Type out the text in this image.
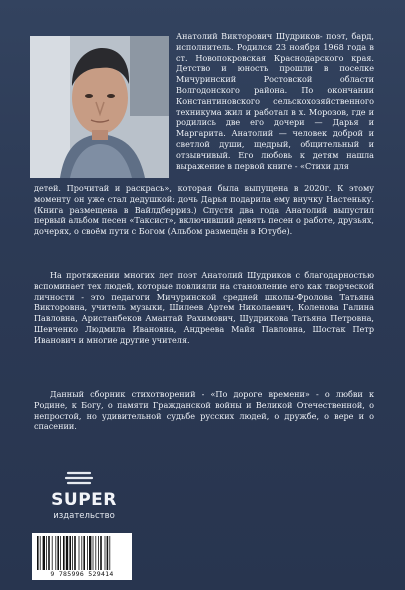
Анатолий Викторович Шудриков- поэт, бард, исполнитель. Родился 23 ноября 1968 года в ст. Новопокровская Краснодарского края. Детство и юность прошли в поселке Мичуринский Ростовской области Волгодонского района. По окончании Константиновского сельскохозяйственного техникума жил и работал в х. Морозов, где и родились две его дочери — Дарья и Маргарита. Анатолий — человек доброй и светлой души, щедрый, общительный и отзывчивый. Его любовь к детям нашла выражение в первой книге - «Стихи для
детей. Прочитай и раскрась», которая была выпущена в 2020г. К этому моменту он уже стал дедушкой: дочь Дарья подарила ему внучку Настеньку. (Книга размещена в Вайлдберриз.) Спустя два года Анатолий выпустил первый альбом песен «Таксист», включивший девять песен о работе, друзьях, дочерях, о своём пути с Богом (Альбом размещён в Ютубе).
На протяжении многих лет поэт Анатолий Шудриков с благодарностью вспоминает тех людей, которые повлияли на становление его как творческой личности - это педагоги Мичуринской средней школы-Фролова Татьяна Викторовна, учитель музыки, Шилеев Артем Николаевич, Коленова Галина Павловна, Аристанбеков Амантай Рахимович, Шудрикова Татьяна Петровна, Шевченко Людмила Ивановна, Андреева Майя Павловна, Шостак Петр Иванович и многие другие учителя.
Данный сборник стихотворений - «По дороге времени» - о любви к Родине, к Богу, о памяти Гражданской войны и Великой Отечественной, о непростой, но удивительной судьбе русских людей, о дружбе, о вере и о спасении.
SUPER
издательство
9 785996 529414
